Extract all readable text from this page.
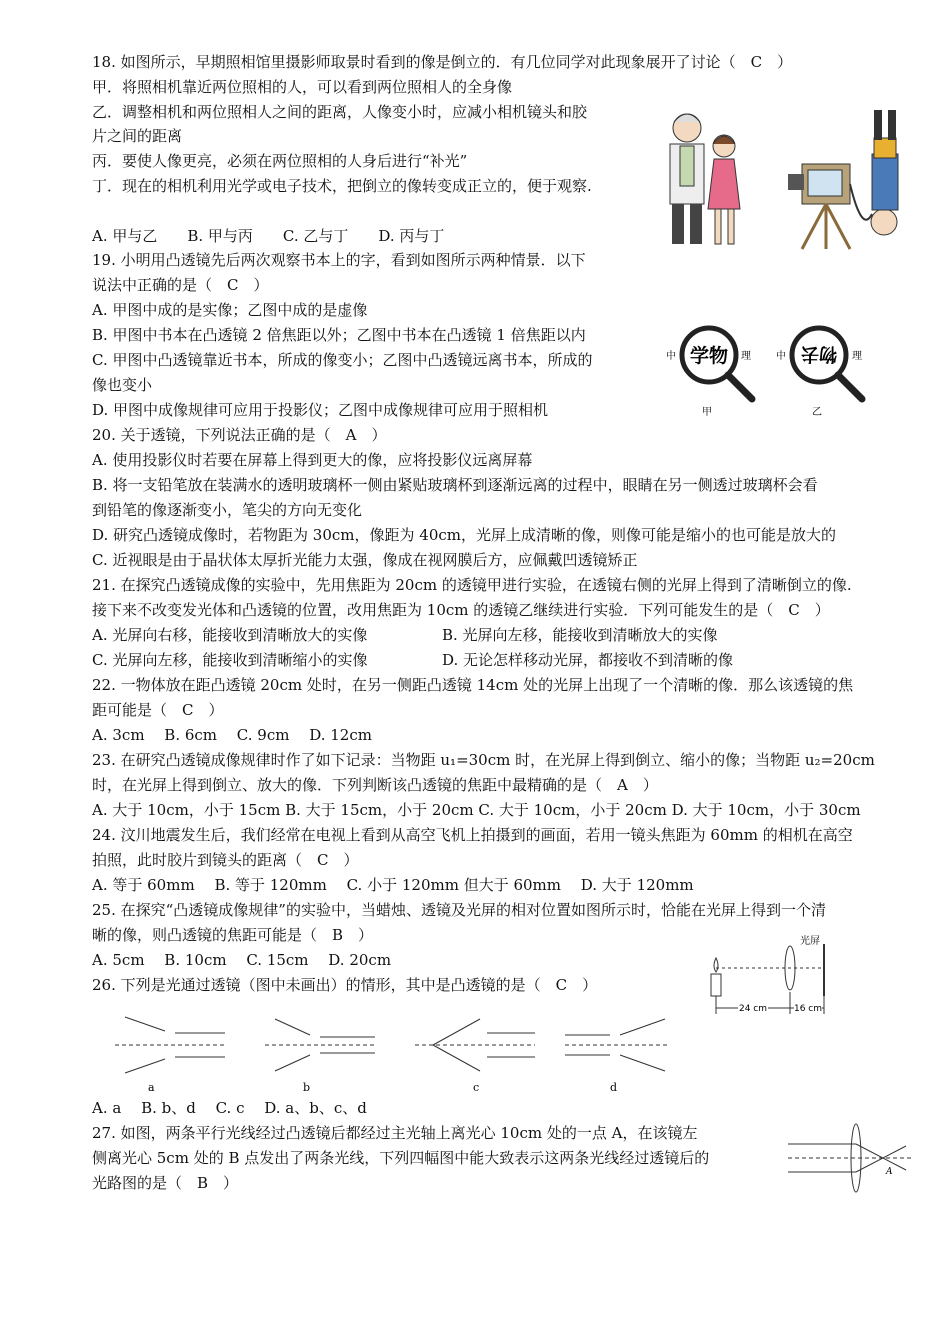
18. 如图所示，早期照相馆里摄影师取景时看到的像是倒立的．有几位同学对此现象展开了讨论（　C　）
甲．将照相机靠近两位照相的人，可以看到两位照相人的全身像
乙．调整相机和两位照相人之间的距离，人像变小时，应减小相机镜头和胶
片之间的距离
丙．要使人像更亮，必须在两位照相的人身后进行“补光”
丁．现在的相机利用光学或电子技术，把倒立的像转变成正立的，便于观察.
A. 甲与乙　　B. 甲与丙　　C. 乙与丁　　D. 丙与丁
19. 小明用凸透镜先后两次观察书本上的字，看到如图所示两种情景．以下
说法中正确的是（　C　）
A. 甲图中成的是实像；乙图中成的是虚像
B. 甲图中书本在凸透镜 2 倍焦距以外；乙图中书本在凸透镜 1 倍焦距以内
C. 甲图中凸透镜靠近书本，所成的像变小；乙图中凸透镜远离书本，所成的
像也变小
D. 甲图中成像规律可应用于投影仪；乙图中成像规律可应用于照相机
中 学物 理
甲
中 物去 理
乙
20. 关于透镜，下列说法正确的是（　A　）
A. 使用投影仪时若要在屏幕上得到更大的像，应将投影仪远离屏幕
B. 将一支铅笔放在装满水的透明玻璃杯一侧由紧贴玻璃杯到逐渐远离的过程中，眼睛在另一侧透过玻璃杯会看
到铅笔的像逐渐变小，笔尖的方向无变化
D. 研究凸透镜成像时，若物距为 30cm，像距为 40cm，光屏上成清晰的像，则像可能是缩小的也可能是放大的
C. 近视眼是由于晶状体太厚折光能力太强，像成在视网膜后方，应佩戴凹透镜矫正
21. 在探究凸透镜成像的实验中，先用焦距为 20cm 的透镜甲进行实验，在透镜右侧的光屏上得到了清晰倒立的像.
接下来不改变发光体和凸透镜的位置，改用焦距为 10cm 的透镜乙继续进行实验．下列可能发生的是（　C　）
A. 光屏向右移，能接收到清晰放大的实像	B. 光屏向左移，能接收到清晰放大的实像
C. 光屏向左移，能接收到清晰缩小的实像	D. 无论怎样移动光屏，都接收不到清晰的像
22. 一物体放在距凸透镜 20cm 处时，在另一侧距凸透镜 14cm 处的光屏上出现了一个清晰的像．那么该透镜的焦
距可能是（　C　）
A. 3cm　 B. 6cm　 C. 9cm　 D. 12cm
23. 在研究凸透镜成像规律时作了如下记录：当物距 u₁=30cm 时，在光屏上得到倒立、缩小的像；当物距 u₂=20cm
时，在光屏上得到倒立、放大的像．下列判断该凸透镜的焦距中最精确的是（　A　）
A. 大于 10cm，小于 15cm B. 大于 15cm，小于 20cm C. 大于 10cm，小于 20cm D. 大于 10cm，小于 30cm
24. 汶川地震发生后，我们经常在电视上看到从高空飞机上拍摄到的画面，若用一镜头焦距为 60mm 的相机在高空
拍照，此时胶片到镜头的距离（　C　）
A. 等于 60mm　 B. 等于 120mm　 C. 小于 120mm 但大于 60mm　 D. 大于 120mm
25. 在探究“凸透镜成像规律”的实验中，当蜡烛、透镜及光屏的相对位置如图所示时，恰能在光屏上得到一个清
晰的像，则凸透镜的焦距可能是（　B　）
A. 5cm　 B. 10cm　 C. 15cm　 D. 20cm
光屏
24 cm	16 cm
26. 下列是光通过透镜（图中未画出）的情形，其中是凸透镜的是（　C　）
a	b	c	d
A. a　 B. b、d　 C. c　 D. a、b、c、d
27. 如图，两条平行光线经过凸透镜后都经过主光轴上离光心 10cm 处的一点 A，在该镜左
侧离光心 5cm 处的 B 点发出了两条光线，下列四幅图中能大致表示这两条光线经过透镜后的
光路图的是（　B　）
A
